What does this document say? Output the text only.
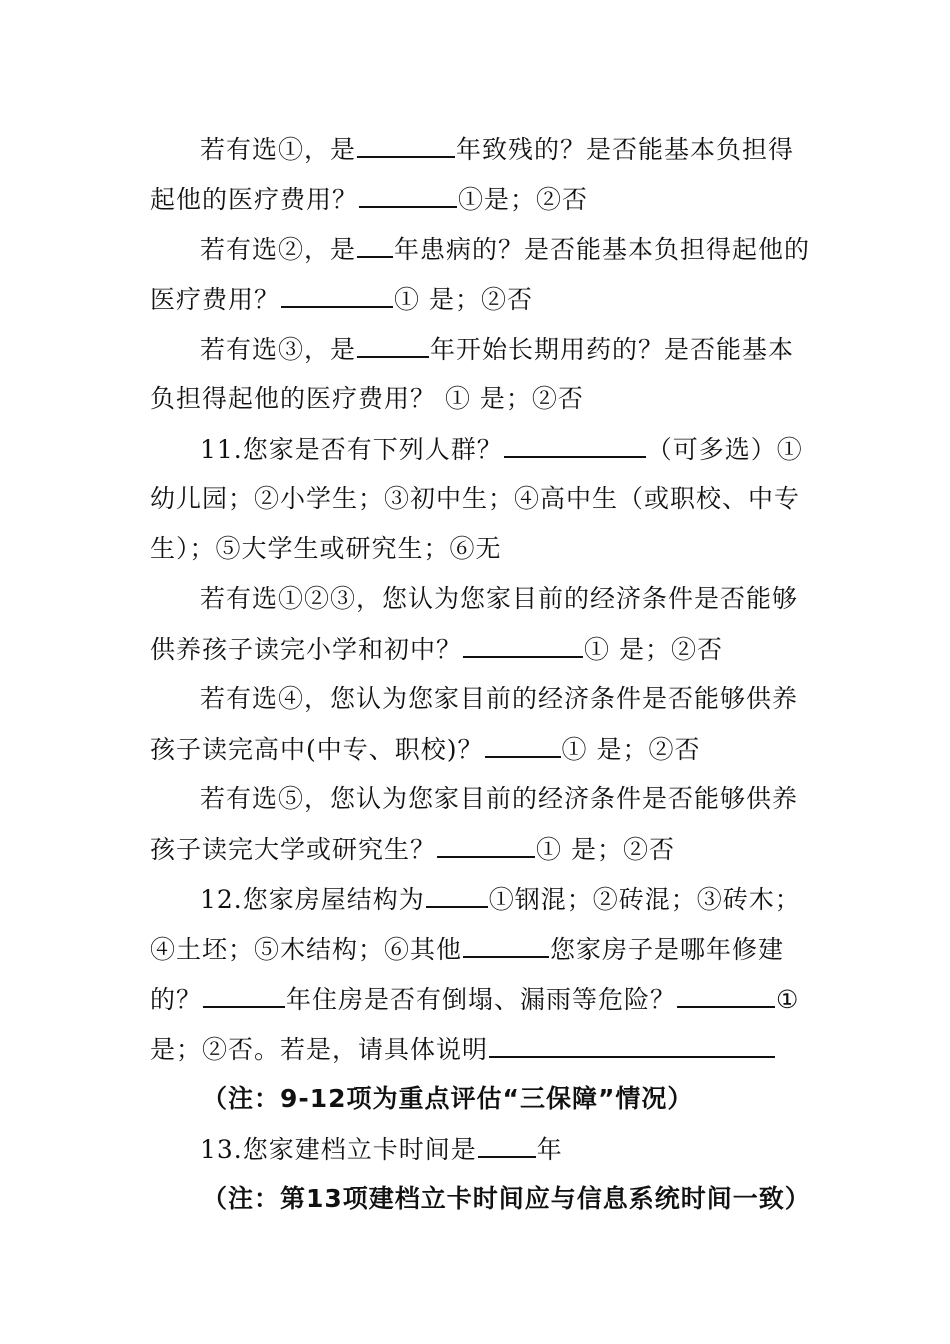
若有选①，是	年致残的？是否能基本负担得
起他的医疗费用？	①是；②否
若有选②，是 年患病的？是否能基本负担得起他的
医疗费用？	① 是；②否
若有选③，是	年开始长期用药的？是否能基本
负担得起他的医疗费用？ ① 是；②否
11.您家是否有下列人群？	（可多选）①
幼儿园；②小学生；③初中生；④高中生（或职校、中专
生）；⑤大学生或研究生；⑥无
若有选①②③，您认为您家目前的经济条件是否能够
供养孩子读完小学和初中？	① 是；②否
若有选④，您认为您家目前的经济条件是否能够供养
孩子读完高中(中专、职校)？	① 是；②否
若有选⑤，您认为您家目前的经济条件是否能够供养
孩子读完大学或研究生？	① 是；②否
12.您家房屋结构为	①钢混；②砖混；③砖木；
④土坯；⑤木结构；⑥其他	您家房子是哪年修建
的？	年住房是否有倒塌、漏雨等危险？	①
是；②否。若是，请具体说明
（注：9-12项为重点评估“三保障”情况）
13.您家建档立卡时间是 年
（注：第13项建档立卡时间应与信息系统时间一致）
